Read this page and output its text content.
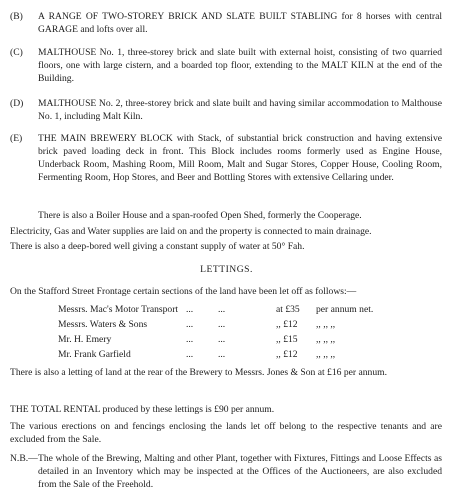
(B) A RANGE OF TWO-STOREY BRICK AND SLATE BUILT STABLING for 8 horses with central GARAGE and lofts over all.
(C) MALTHOUSE No. 1, three-storey brick and slate built with external hoist, consisting of two quarried floors, one with large cistern, and a boarded top floor, extending to the MALT KILN at the end of the Building.
(D) MALTHOUSE No. 2, three-storey brick and slate built and having similar accommodation to Malthouse No. 1, including Malt Kiln.
(E) THE MAIN BREWERY BLOCK with Stack, of substantial brick construction and having extensive brick paved loading deck in front. This Block includes rooms formerly used as Engine House, Underback Room, Mashing Room, Mill Room, Malt and Sugar Stores, Copper House, Cooling Room, Fermenting Room, Hop Stores, and Beer and Bottling Stores with extensive Cellaring under.
There is also a Boiler House and a span-roofed Open Shed, formerly the Cooperage.
Electricity, Gas and Water supplies are laid on and the property is connected to main drainage.
There is also a deep-bored well giving a constant supply of water at 50° Fah.
LETTINGS.
On the Stafford Street Frontage certain sections of the land have been let off as follows:—
Messrs. Mac's Motor Transport ...	...	at £35 per annum net.
Messrs. Waters & Sons	...	...	,, £12 ,, ,, ,,
Mr. H. Emery	...	...	,, £15 ,, ,, ,,
Mr. Frank Garfield	...	...	,, £12 ,, ,, ,,
There is also a letting of land at the rear of the Brewery to Messrs. Jones & Son at £16 per annum.
THE TOTAL RENTAL produced by these lettings is £90 per annum.
The various erections on and fencings enclosing the lands let off belong to the respective tenants and are excluded from the Sale.
N.B.— The whole of the Brewing, Malting and other Plant, together with Fixtures, Fittings and Loose Effects as detailed in an Inventory which may be inspected at the Offices of the Auctioneers, are also excluded from the Sale of the Freehold.
